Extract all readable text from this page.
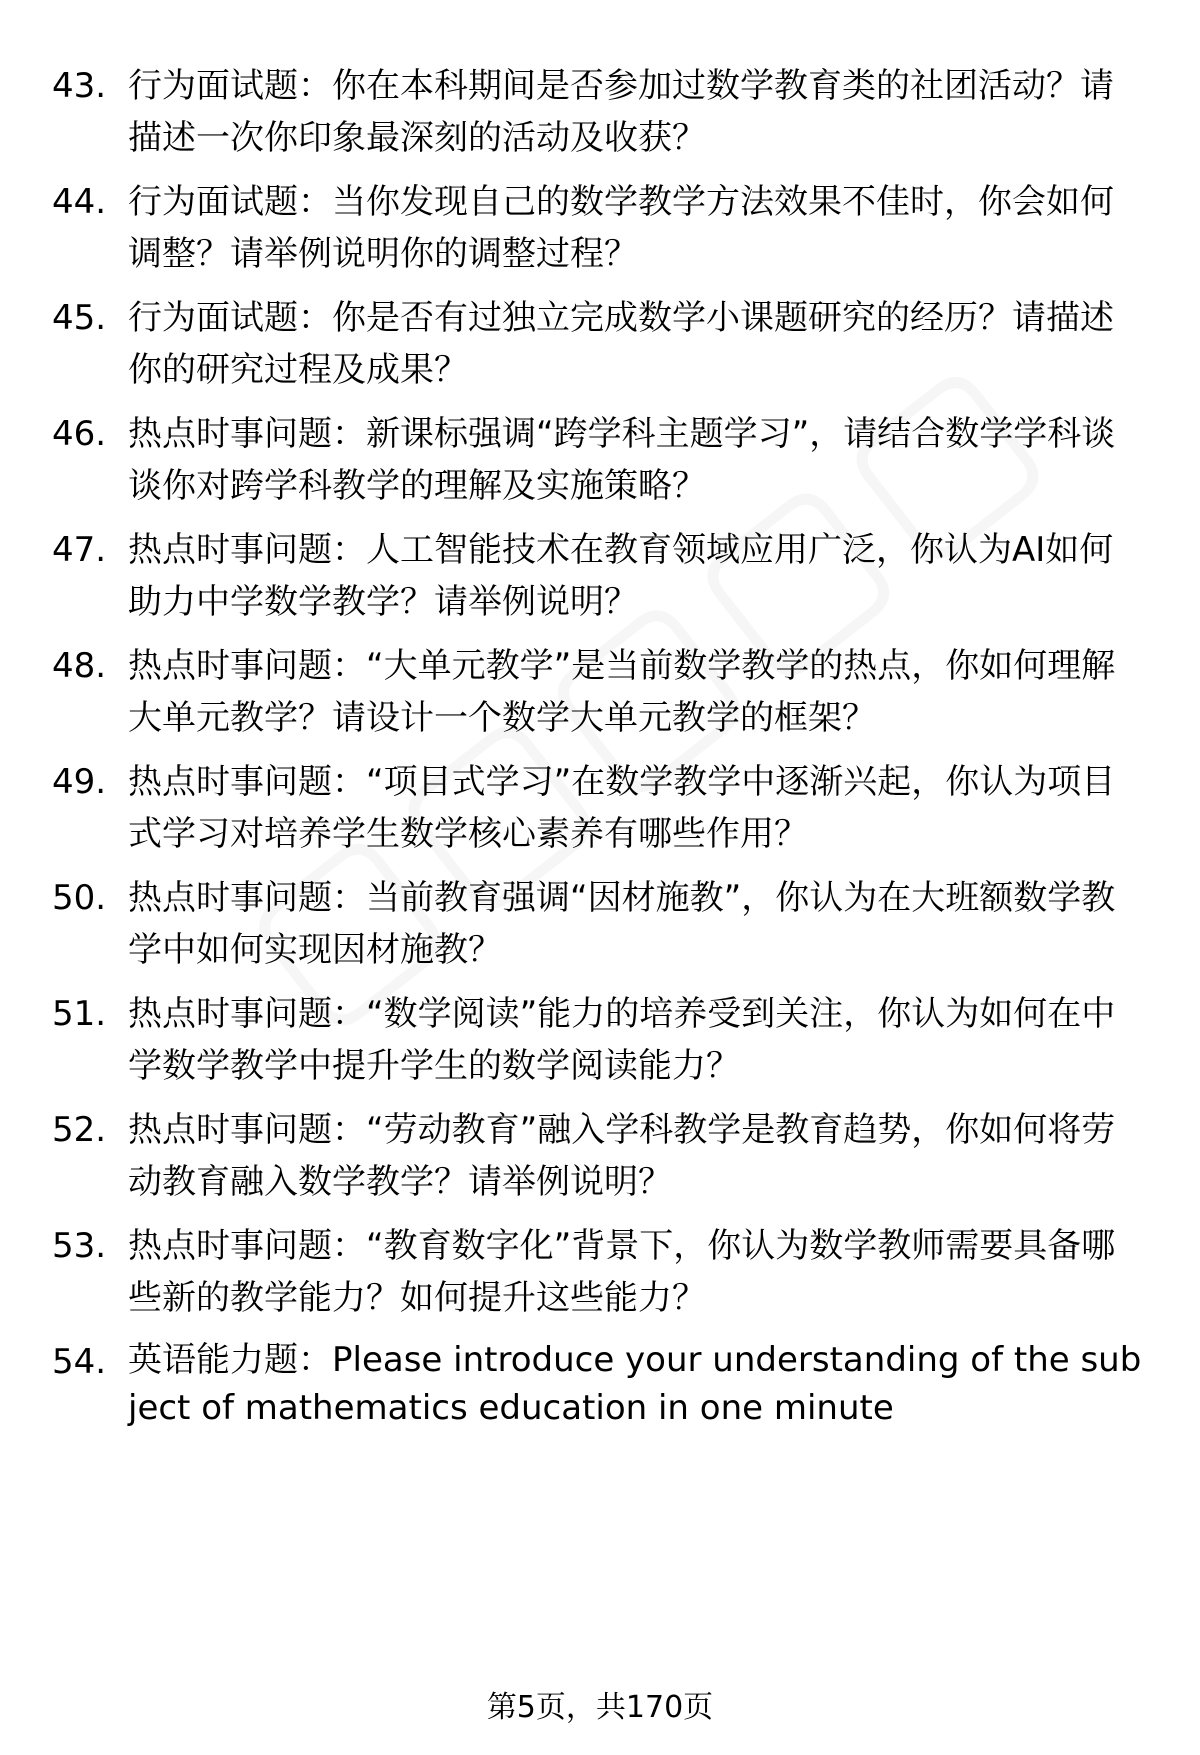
43. 行为面试题：你在本科期间是否参加过数学教育类的社团活动？请描述一次你印象最深刻的活动及收获？
44. 行为面试题：当你发现自己的数学教学方法效果不佳时，你会如何调整？请举例说明你的调整过程？
45. 行为面试题：你是否有过独立完成数学小课题研究的经历？请描述你的研究过程及成果？
46. 热点时事问题：新课标强调“跨学科主题学习”，请结合数学学科谈谈你对跨学科教学的理解及实施策略？
47. 热点时事问题：人工智能技术在教育领域应用广泛，你认为AI如何助力中学数学教学？请举例说明？
48. 热点时事问题：“大单元教学”是当前数学教学的热点，你如何理解大单元教学？请设计一个数学大单元教学的框架？
49. 热点时事问题：“项目式学习”在数学教学中逐渐兴起，你认为项目式学习对培养学生数学核心素养有哪些作用？
50. 热点时事问题：当前教育强调“因材施教”，你认为在大班额数学教学中如何实现因材施教？
51. 热点时事问题：“数学阅读”能力的培养受到关注，你认为如何在中学数学教学中提升学生的数学阅读能力？
52. 热点时事问题：“劳动教育”融入学科教学是教育趋势，你如何将劳动教育融入数学教学？请举例说明？
53. 热点时事问题：“教育数字化”背景下，你认为数学教师需要具备哪些新的教学能力？如何提升这些能力？
54. 英语能力题：Please introduce your understanding of the subject of mathematics education in one minute
第5页，共170页
